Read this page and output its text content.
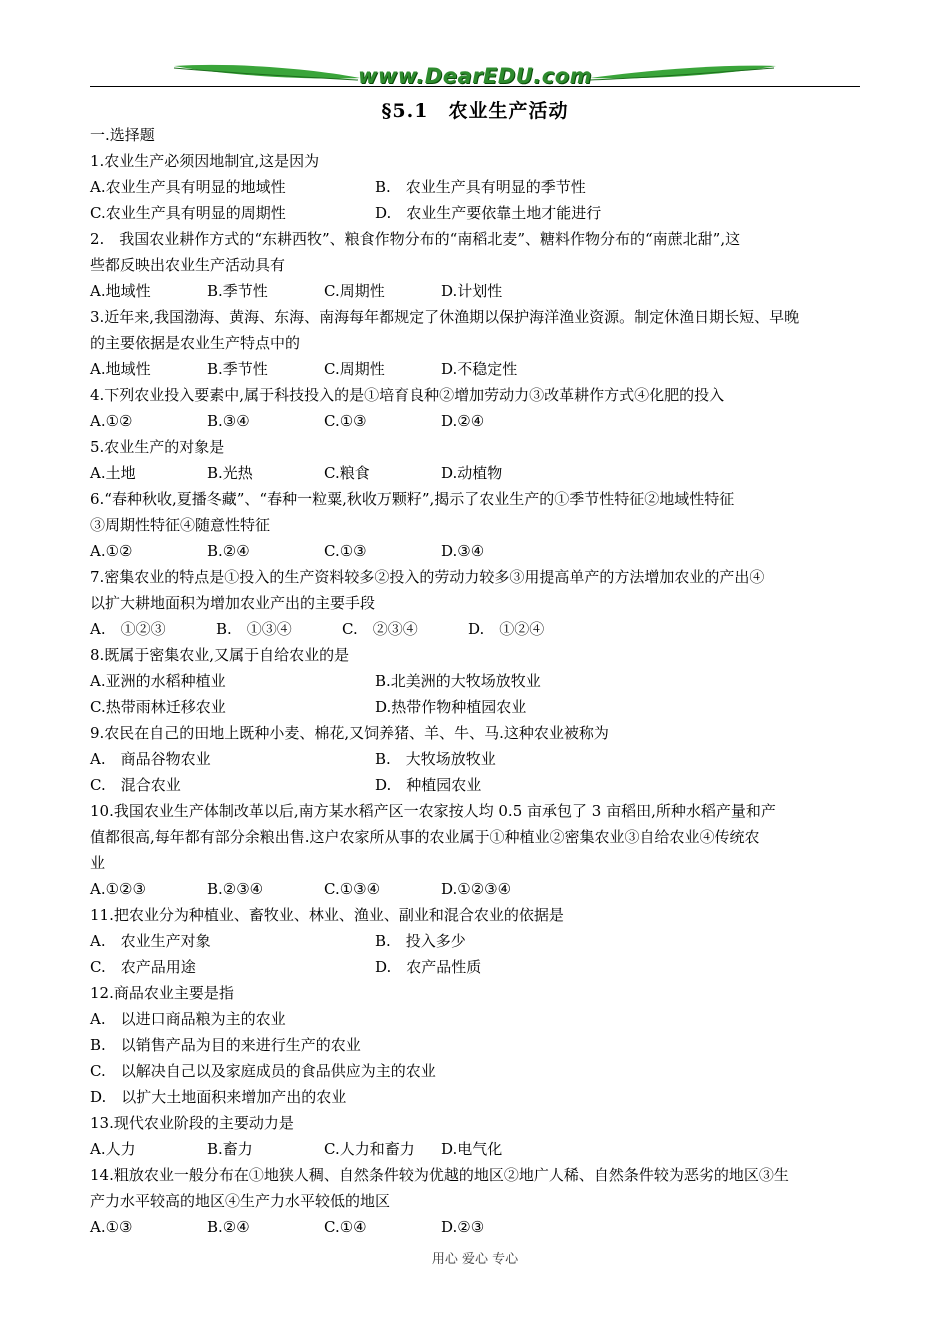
www.DearEDU.com
§5.1　农业生产活动
一.选择题
1.农业生产必须因地制宜,这是因为
A.农业生产具有明显的地域性	B.　农业生产具有明显的季节性
C.农业生产具有明显的周期性	D.　农业生产要依靠土地才能进行
2.　我国农业耕作方式的“东耕西牧”、粮食作物分布的“南稻北麦”、糖料作物分布的“南蔗北甜”,这
些都反映出农业生产活动具有
A.地域性	B.季节性	C.周期性	D.计划性
3.近年来,我国渤海、黄海、东海、南海每年都规定了休渔期以保护海洋渔业资源。制定休渔日期长短、早晚
的主要依据是农业生产特点中的
A.地域性	B.季节性	C.周期性	D.不稳定性
4.下列农业投入要素中,属于科技投入的是①培育良种②增加劳动力③改革耕作方式④化肥的投入
A.①②	B.③④	C.①③	D.②④
5.农业生产的对象是
A.土地	B.光热	C.粮食	D.动植物
6.“春种秋收,夏播冬藏”、“春种一粒粟,秋收万颗籽”,揭示了农业生产的①季节性特征②地域性特征
③周期性特征④随意性特征
A.①②	B.②④	C.①③	D.③④
7.密集农业的特点是①投入的生产资料较多②投入的劳动力较多③用提高单产的方法增加农业的产出④
以扩大耕地面积为增加农业产出的主要手段
A.　①②③	B.　①③④	C.　②③④	D.　①②④
8.既属于密集农业,又属于自给农业的是
A.亚洲的水稻种植业	B.北美洲的大牧场放牧业
C.热带雨林迁移农业	D.热带作物种植园农业
9.农民在自己的田地上既种小麦、棉花,又饲养猪、羊、牛、马.这种农业被称为
A.　商品谷物农业	B.　大牧场放牧业
C.　混合农业	D.　种植园农业
10.我国农业生产体制改革以后,南方某水稻产区一农家按人均 0.5 亩承包了 3 亩稻田,所种水稻产量和产
值都很高,每年都有部分余粮出售.这户农家所从事的农业属于①种植业②密集农业③自给农业④传统农
业
A.①②③	B.②③④	C.①③④	D.①②③④
11.把农业分为种植业、畜牧业、林业、渔业、副业和混合农业的依据是
A.　农业生产对象	B.　投入多少
C.　农产品用途	D.　农产品性质
12.商品农业主要是指
A.　以进口商品粮为主的农业
B.　以销售产品为目的来进行生产的农业
C.　以解决自己以及家庭成员的食品供应为主的农业
D.　以扩大土地面积来增加产出的农业
13.现代农业阶段的主要动力是
A.人力	B.畜力	C.人力和畜力 D.电气化
14.粗放农业一般分布在①地狭人稠、自然条件较为优越的地区②地广人稀、自然条件较为恶劣的地区③生
产力水平较高的地区④生产力水平较低的地区
A.①③	B.②④	C.①④	D.②③
用心 爱心 专心
